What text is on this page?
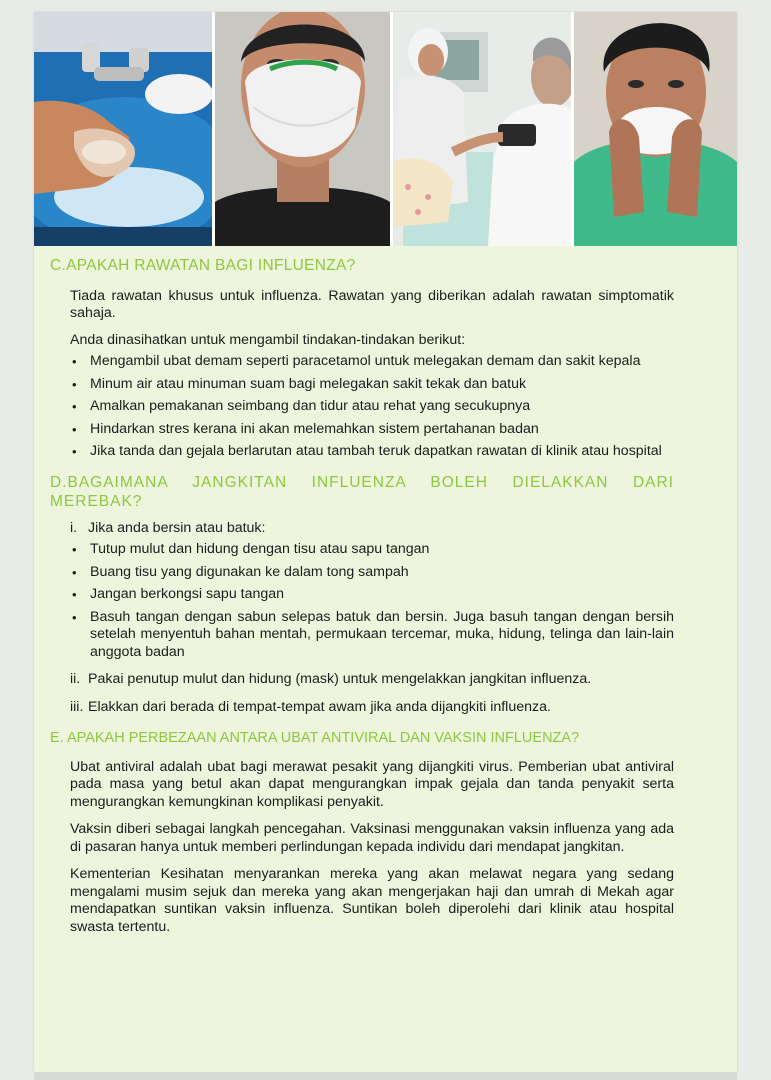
C.APAKAH RAWATAN BAGI INFLUENZA?

Tiada rawatan khusus untuk influenza. Rawatan yang diberikan adalah rawatan simptomatik sahaja.

Anda dinasihatkan untuk mengambil tindakan-tindakan berikut:

• Mengambil ubat demam seperti paracetamol untuk melegakan demam dan sakit kepala
• Minum air atau minuman suam bagi melegakan sakit tekak dan batuk
• Amalkan pemakanan seimbang dan tidur atau rehat yang secukupnya
• Hindarkan stres kerana ini akan melemahkan sistem pertahanan badan
• Jika tanda dan gejala berlarutan atau tambah teruk dapatkan rawatan di klinik atau hospital
D.BAGAIMANA JANGKITAN INFLUENZA BOLEH DIELAKKAN DARI MEREBAK?
i. Jika anda bersin atau batuk:
• Tutup mulut dan hidung dengan tisu atau sapu tangan
• Buang tisu yang digunakan ke dalam tong sampah
• Jangan berkongsi sapu tangan
• Basuh tangan dengan sabun selepas batuk dan bersin. Juga basuh tangan dengan bersih setelah menyentuh bahan mentah, permukaan tercemar, muka, hidung, telinga dan lain-lain anggota badan
ii. Pakai penutup mulut dan hidung (mask) untuk mengelakkan jangkitan influenza.
iii. Elakkan dari berada di tempat-tempat awam jika anda dijangkiti influenza.
E. APAKAH PERBEZAAN ANTARA UBAT ANTIVIRAL DAN VAKSIN INFLUENZA?

Ubat antiviral adalah ubat bagi merawat pesakit yang dijangkiti virus. Pemberian ubat antiviral pada masa yang betul akan dapat mengurangkan impak gejala dan tanda penyakit serta mengurangkan kemungkinan komplikasi penyakit.

Vaksin diberi sebagai langkah pencegahan. Vaksinasi menggunakan vaksin influenza yang ada di pasaran hanya untuk memberi perlindungan kepada individu dari mendapat jangkitan.

Kementerian Kesihatan menyarankan mereka yang akan melawat negara yang sedang mengalami musim sejuk dan mereka yang akan mengerjakan haji dan umrah di Mekah agar mendapatkan suntikan vaksin influenza. Suntikan boleh diperolehi dari klinik atau hospital swasta tertentu.
